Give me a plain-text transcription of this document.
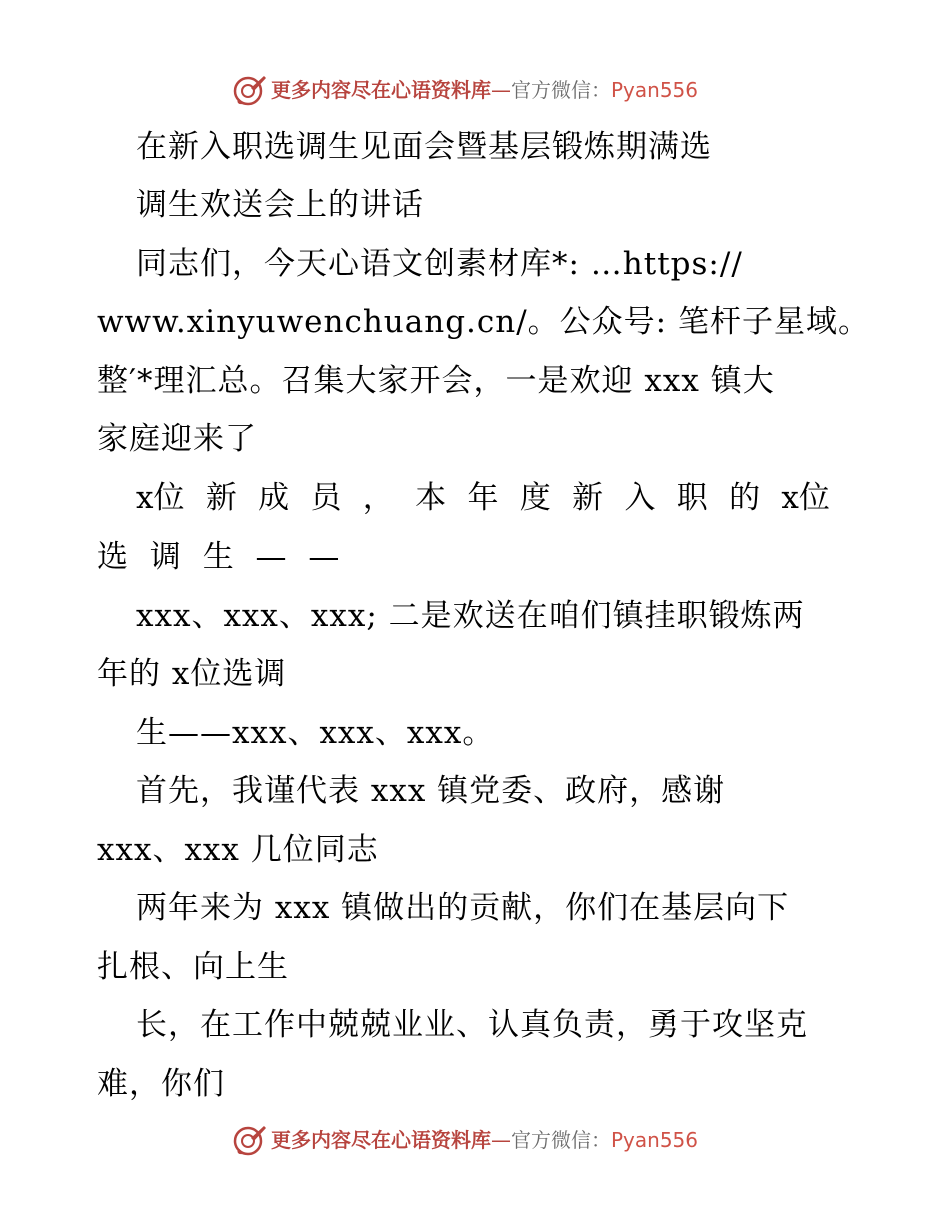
更多内容尽在心语资料库—官方微信：Pyan556
在新入职选调生见面会暨基层锻炼期满选
调生欢送会上的讲话
同志们，今天心语文创素材库*: …https://
www.xinyuwenchuang.cn/。公众号: 笔杆子星域。
整′*理汇总。召集大家开会，一是欢迎 xxx 镇大
家庭迎来了
x位 新 成 员 ， 本 年 度 新 入 职 的 x位
选 调 生 — —
xxx、xxx、xxx; 二是欢送在咱们镇挂职锻炼两
年的 x位选调
生——xxx、xxx、xxx。
首先，我谨代表 xxx 镇党委、政府，感谢
xxx、xxx 几位同志
两年来为 xxx 镇做出的贡献，你们在基层向下
扎根、向上生
长，在工作中兢兢业业、认真负责，勇于攻坚克
难，你们
更多内容尽在心语资料库—官方微信：Pyan556
